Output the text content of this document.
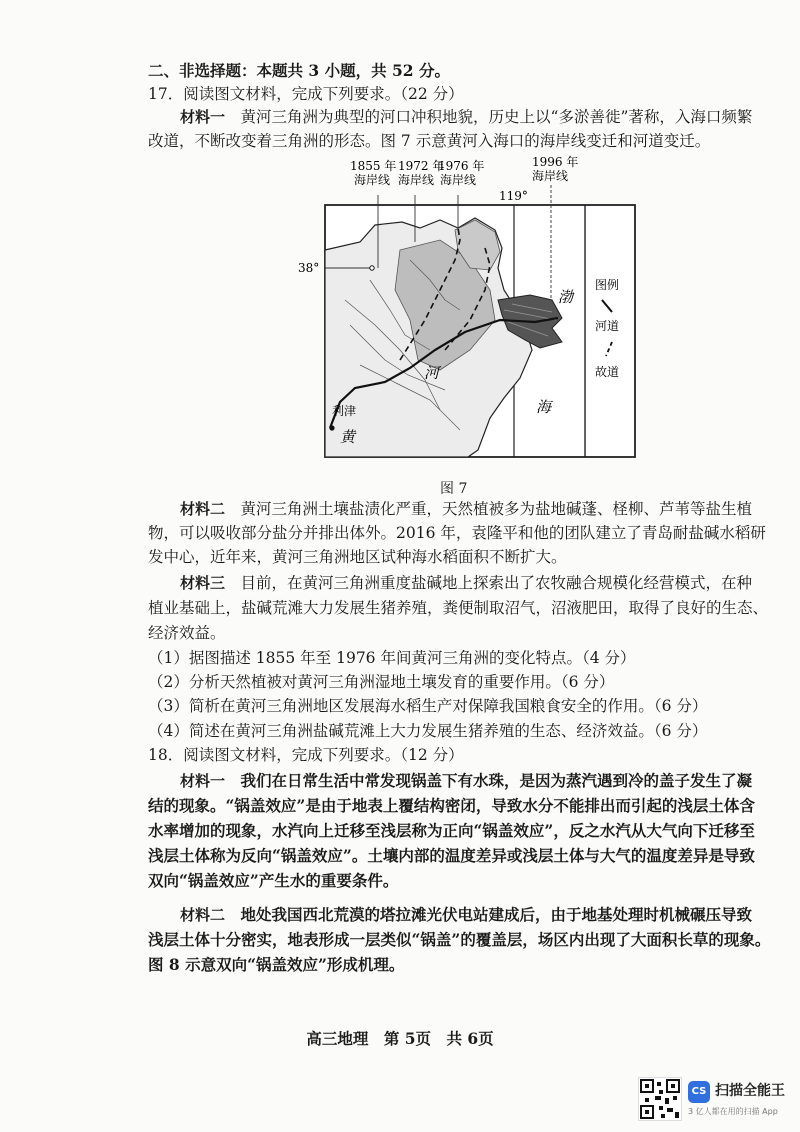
二、非选择题：本题共 3 小题，共 52 分。
17．阅读图文材料，完成下列要求。（22 分）
材料一　 黄河三角洲为典型的河口冲积地貌，历史上以“多淤善徙”著称，入海口频繁
改道，不断改变着三角洲的形态。图 7 示意黄河入海口的海岸线变迁和河道变迁。
1855 年
海岸线
1972 年
海岸线
1976 年
海岸线
1996 年
海岸线
119°
38°
渤
海
河
黄
利津
图例
河道
故道
图 7
材料二　 黄河三角洲土壤盐渍化严重，天然植被多为盐地碱蓬、柽柳、芦苇等盐生植
物，可以吸收部分盐分并排出体外。2016 年，袁隆平和他的团队建立了青岛耐盐碱水稻研
发中心，近年来，黄河三角洲地区试种海水稻面积不断扩大。
材料三　 目前，在黄河三角洲重度盐碱地上探索出了农牧融合规模化经营模式，在种
植业基础上，盐碱荒滩大力发展生猪养殖，粪便制取沼气，沼液肥田，取得了良好的生态、
经济效益。
（1）据图描述 1855 年至 1976 年间黄河三角洲的变化特点。（4 分）
（2）分析天然植被对黄河三角洲湿地土壤发育的重要作用。（6 分）
（3）简析在黄河三角洲地区发展海水稻生产对保障我国粮食安全的作用。（6 分）
（4）简述在黄河三角洲盐碱荒滩上大力发展生猪养殖的生态、经济效益。（6 分）
18．阅读图文材料，完成下列要求。（12 分）
材料一　 我们在日常生活中常发现锅盖下有水珠，是因为蒸汽遇到冷的盖子发生了凝
结的现象。“锅盖效应”是由于地表上覆结构密闭，导致水分不能排出而引起的浅层土体含
水率增加的现象，水汽向上迁移至浅层称为正向“锅盖效应”，反之水汽从大气向下迁移至
浅层土体称为反向“锅盖效应”。土壤内部的温度差异或浅层土体与大气的温度差异是导致
双向“锅盖效应”产生水的重要条件。
材料二　 地处我国西北荒漠的塔拉滩光伏电站建成后，由于地基处理时机械碾压导致
浅层土体十分密实，地表形成一层类似“锅盖”的覆盖层，场区内出现了大面积长草的现象。
图 8 示意双向“锅盖效应”形成机理。
高三地理　第 5页　共 6页
CS 扫描全能王
3 亿人都在用的扫描 App
